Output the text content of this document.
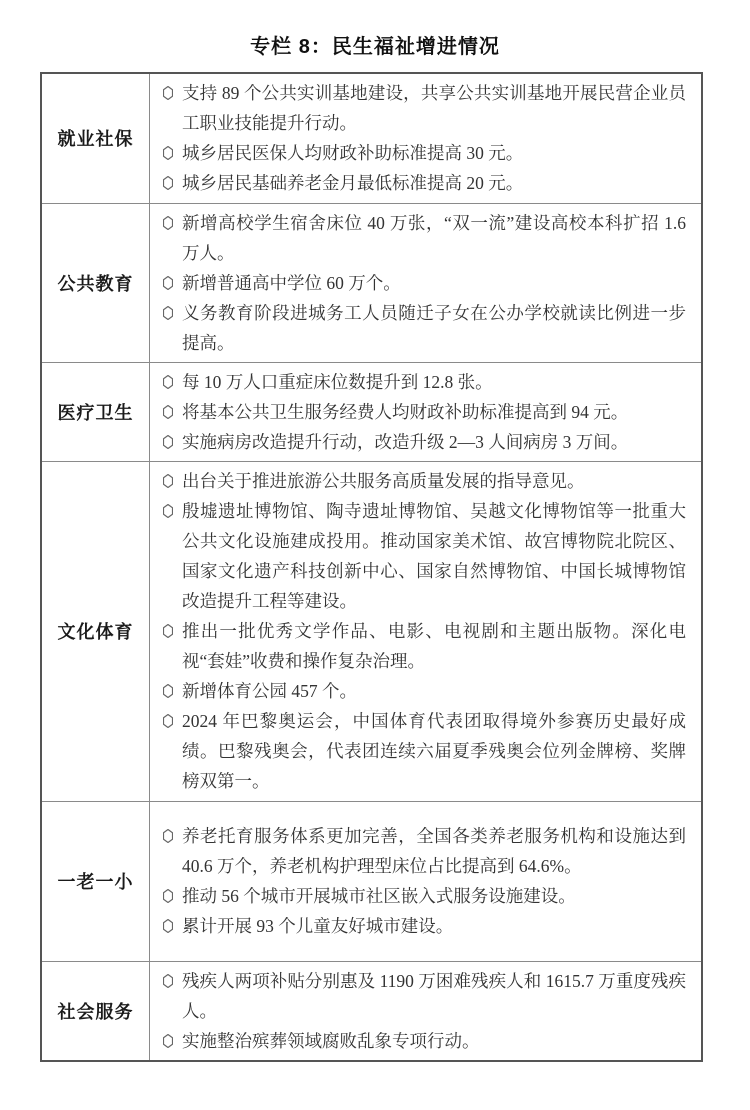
专栏 8：民生福祉增进情况
就业社保	支持 89 个公共实训基地建设，共享公共实训基地开展民营企业员工职业技能提升行动。
城乡居民医保人均财政补助标准提高 30 元。
城乡居民基础养老金月最低标准提高 20 元。

公共教育	新增高校学生宿舍床位 40 万张，“双一流”建设高校本科扩招 1.6 万人。
新增普通高中学位 60 万个。
义务教育阶段进城务工人员随迁子女在公办学校就读比例进一步提高。

医疗卫生	每 10 万人口重症床位数提升到 12.8 张。
将基本公共卫生服务经费人均财政补助标准提高到 94 元。
实施病房改造提升行动，改造升级 2—3 人间病房 3 万间。

文化体育	出台关于推进旅游公共服务高质量发展的指导意见。
殷墟遗址博物馆、陶寺遗址博物馆、吴越文化博物馆等一批重大公共文化设施建成投用。推动国家美术馆、故宫博物院北院区、国家文化遗产科技创新中心、国家自然博物馆、中国长城博物馆改造提升工程等建设。
推出一批优秀文学作品、电影、电视剧和主题出版物。深化电视“套娃”收费和操作复杂治理。
新增体育公园 457 个。
2024 年巴黎奥运会，中国体育代表团取得境外参赛历史最好成绩。巴黎残奥会，代表团连续六届夏季残奥会位列金牌榜、奖牌榜双第一。

一老一小	养老托育服务体系更加完善，全国各类养老服务机构和设施达到 40.6 万个，养老机构护理型床位占比提高到 64.6%。
推动 56 个城市开展城市社区嵌入式服务设施建设。
累计开展 93 个儿童友好城市建设。

社会服务	残疾人两项补贴分别惠及 1190 万困难残疾人和 1615.7 万重度残疾人。
实施整治殡葬领域腐败乱象专项行动。
